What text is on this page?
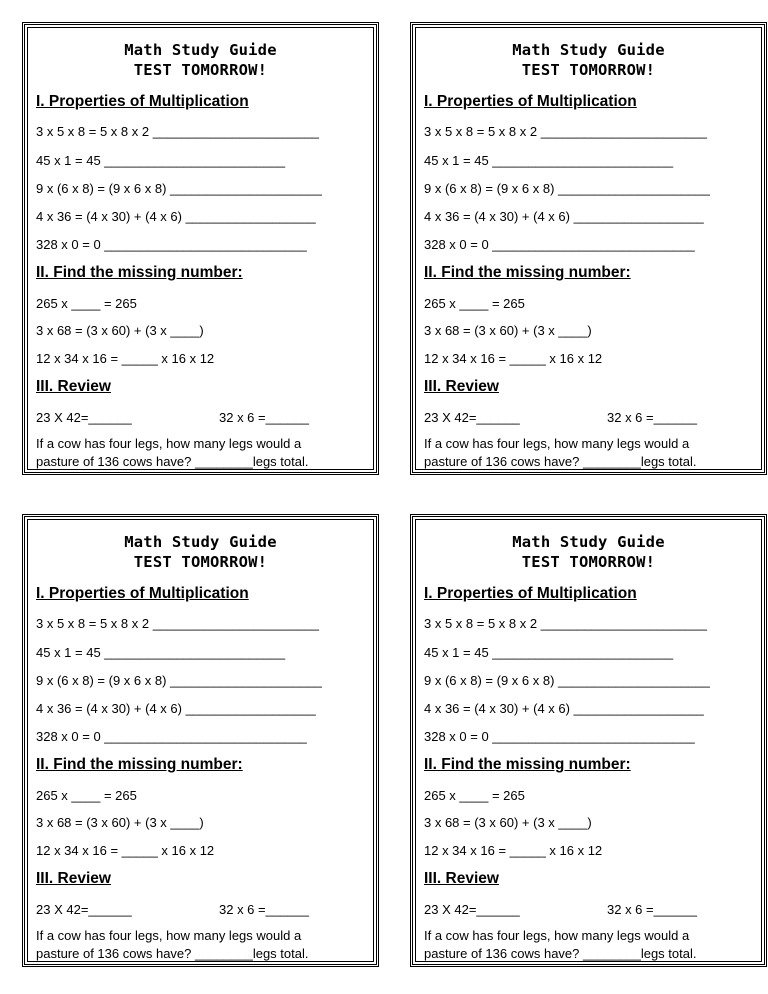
Math Study Guide
TEST TOMORROW!
I. Properties of Multiplication
3 x 5 x 8 = 5 x 8 x 2 _______________________
45 x 1 = 45 _________________________
9 x (6 x 8) = (9 x 6 x 8) _____________________
4 x 36 = (4 x 30) + (4 x 6) __________________
328 x 0 = 0 ____________________________
II. Find the missing number:
265 x ____ = 265
3 x 68 = (3 x 60) + (3 x ____)
12 x 34 x 16 = _____ x 16 x 12
III. Review
23 X 42=______	32 x 6 =______
If a cow has four legs, how many legs would a
pasture of 136 cows have? ________legs total.
Math Study Guide
TEST TOMORROW!
I. Properties of Multiplication
3 x 5 x 8 = 5 x 8 x 2 _______________________
45 x 1 = 45 _________________________
9 x (6 x 8) = (9 x 6 x 8) _____________________
4 x 36 = (4 x 30) + (4 x 6) __________________
328 x 0 = 0 ____________________________
II. Find the missing number:
265 x ____ = 265
3 x 68 = (3 x 60) + (3 x ____)
12 x 34 x 16 = _____ x 16 x 12
III. Review
23 X 42=______	32 x 6 =______
If a cow has four legs, how many legs would a
pasture of 136 cows have? ________legs total.
Math Study Guide
TEST TOMORROW!
I. Properties of Multiplication
3 x 5 x 8 = 5 x 8 x 2 _______________________
45 x 1 = 45 _________________________
9 x (6 x 8) = (9 x 6 x 8) _____________________
4 x 36 = (4 x 30) + (4 x 6) __________________
328 x 0 = 0 ____________________________
II. Find the missing number:
265 x ____ = 265
3 x 68 = (3 x 60) + (3 x ____)
12 x 34 x 16 = _____ x 16 x 12
III. Review
23 X 42=______	32 x 6 =______
If a cow has four legs, how many legs would a
pasture of 136 cows have? ________legs total.
Math Study Guide
TEST TOMORROW!
I. Properties of Multiplication
3 x 5 x 8 = 5 x 8 x 2 _______________________
45 x 1 = 45 _________________________
9 x (6 x 8) = (9 x 6 x 8) _____________________
4 x 36 = (4 x 30) + (4 x 6) __________________
328 x 0 = 0 ____________________________
II. Find the missing number:
265 x ____ = 265
3 x 68 = (3 x 60) + (3 x ____)
12 x 34 x 16 = _____ x 16 x 12
III. Review
23 X 42=______	32 x 6 =______
If a cow has four legs, how many legs would a
pasture of 136 cows have? ________legs total.
